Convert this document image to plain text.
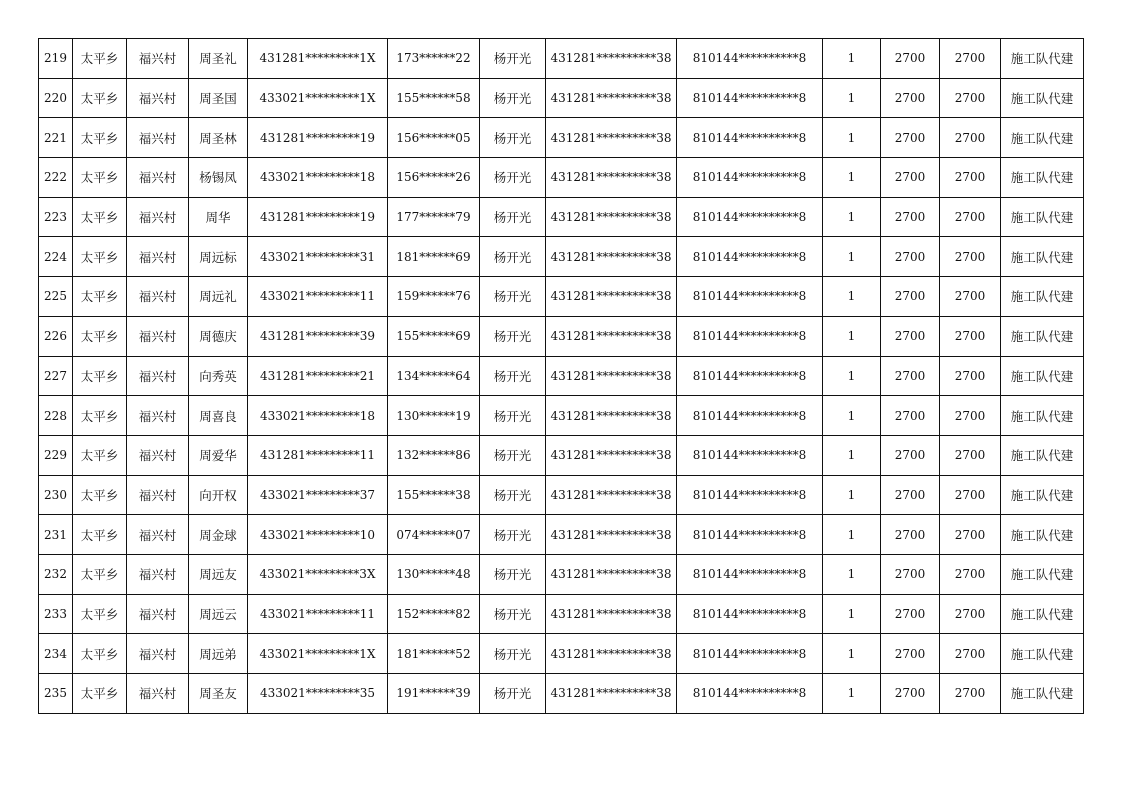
219	太平乡	福兴村	周圣礼	431281*********1X	173******22	杨开光	431281**********38	810144**********8	1	2700	2700	施工队代建
220	太平乡	福兴村	周圣国	433021*********1X	155******58	杨开光	431281**********38	810144**********8	1	2700	2700	施工队代建
221	太平乡	福兴村	周圣林	431281*********19	156******05	杨开光	431281**********38	810144**********8	1	2700	2700	施工队代建
222	太平乡	福兴村	杨锡凤	433021*********18	156******26	杨开光	431281**********38	810144**********8	1	2700	2700	施工队代建
223	太平乡	福兴村	周华	431281*********19	177******79	杨开光	431281**********38	810144**********8	1	2700	2700	施工队代建
224	太平乡	福兴村	周远标	433021*********31	181******69	杨开光	431281**********38	810144**********8	1	2700	2700	施工队代建
225	太平乡	福兴村	周远礼	433021*********11	159******76	杨开光	431281**********38	810144**********8	1	2700	2700	施工队代建
226	太平乡	福兴村	周德庆	431281*********39	155******69	杨开光	431281**********38	810144**********8	1	2700	2700	施工队代建
227	太平乡	福兴村	向秀英	431281*********21	134******64	杨开光	431281**********38	810144**********8	1	2700	2700	施工队代建
228	太平乡	福兴村	周喜良	433021*********18	130******19	杨开光	431281**********38	810144**********8	1	2700	2700	施工队代建
229	太平乡	福兴村	周爱华	431281*********11	132******86	杨开光	431281**********38	810144**********8	1	2700	2700	施工队代建
230	太平乡	福兴村	向开权	433021*********37	155******38	杨开光	431281**********38	810144**********8	1	2700	2700	施工队代建
231	太平乡	福兴村	周金球	433021*********10	074******07	杨开光	431281**********38	810144**********8	1	2700	2700	施工队代建
232	太平乡	福兴村	周远友	433021*********3X	130******48	杨开光	431281**********38	810144**********8	1	2700	2700	施工队代建
233	太平乡	福兴村	周远云	433021*********11	152******82	杨开光	431281**********38	810144**********8	1	2700	2700	施工队代建
234	太平乡	福兴村	周远弟	433021*********1X	181******52	杨开光	431281**********38	810144**********8	1	2700	2700	施工队代建
235	太平乡	福兴村	周圣友	433021*********35	191******39	杨开光	431281**********38	810144**********8	1	2700	2700	施工队代建
